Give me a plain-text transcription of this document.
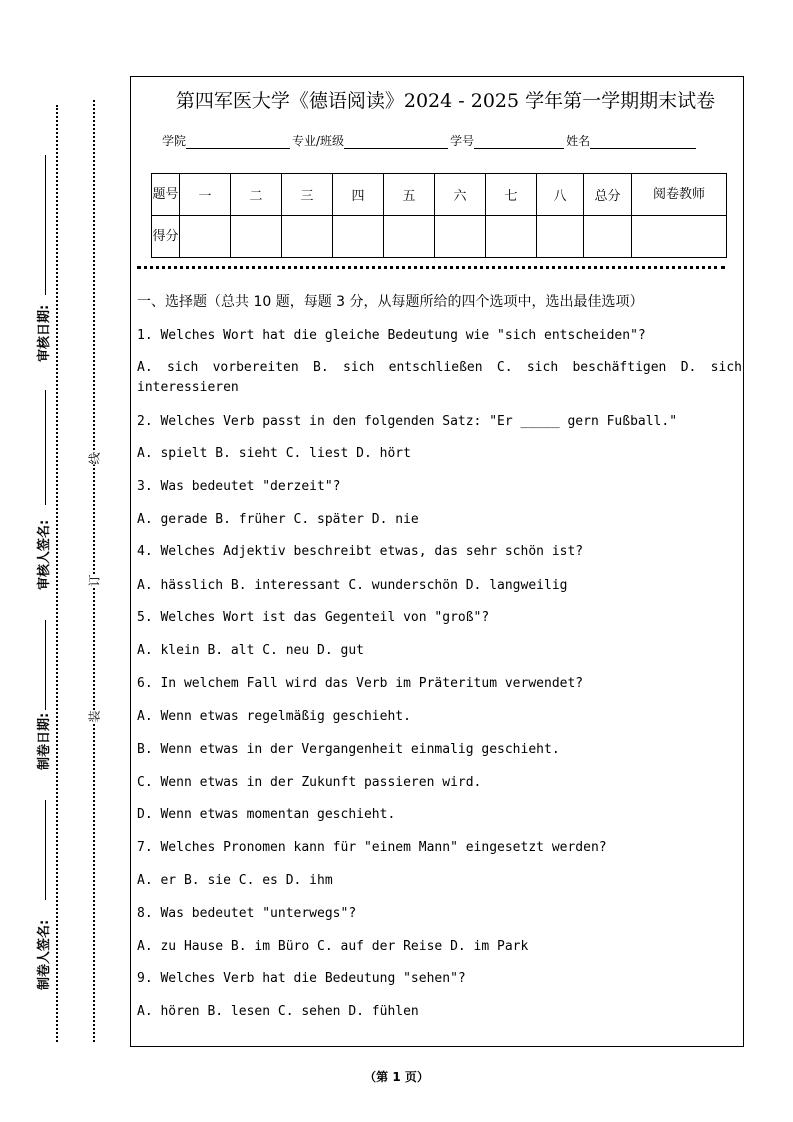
审核日期:
审核人签名:
制卷日期:
制卷人签名:
线
订
装
第四军医大学《德语阅读》2024 - 2025 学年第一学期期末试卷
学院	专业/班级	学号	姓名
题号	一	二	三	四	五	六	七	八	总分	阅卷教师
得分										
一、选择题（总共 10 题，每题 3 分，从每题所给的四个选项中，选出最佳选项）
1. Welches Wort hat die gleiche Bedeutung wie "sich entscheiden"?
A. sich vorbereiten B. sich entschließen C. sich beschäftigen D. sich
interessieren
2. Welches Verb passt in den folgenden Satz: "Er _____ gern Fußball."
A. spielt B. sieht C. liest D. hört
3. Was bedeutet "derzeit"?
A. gerade B. früher C. später D. nie
4. Welches Adjektiv beschreibt etwas, das sehr schön ist?
A. hässlich B. interessant C. wunderschön D. langweilig
5. Welches Wort ist das Gegenteil von "groß"?
A. klein B. alt C. neu D. gut
6. In welchem Fall wird das Verb im Präteritum verwendet?
A. Wenn etwas regelmäßig geschieht.
B. Wenn etwas in der Vergangenheit einmalig geschieht.
C. Wenn etwas in der Zukunft passieren wird.
D. Wenn etwas momentan geschieht.
7. Welches Pronomen kann für "einem Mann" eingesetzt werden?
A. er B. sie C. es D. ihm
8. Was bedeutet "unterwegs"?
A. zu Hause B. im Büro C. auf der Reise D. im Park
9. Welches Verb hat die Bedeutung "sehen"?
A. hören B. lesen C. sehen D. fühlen
（第 1 页）
